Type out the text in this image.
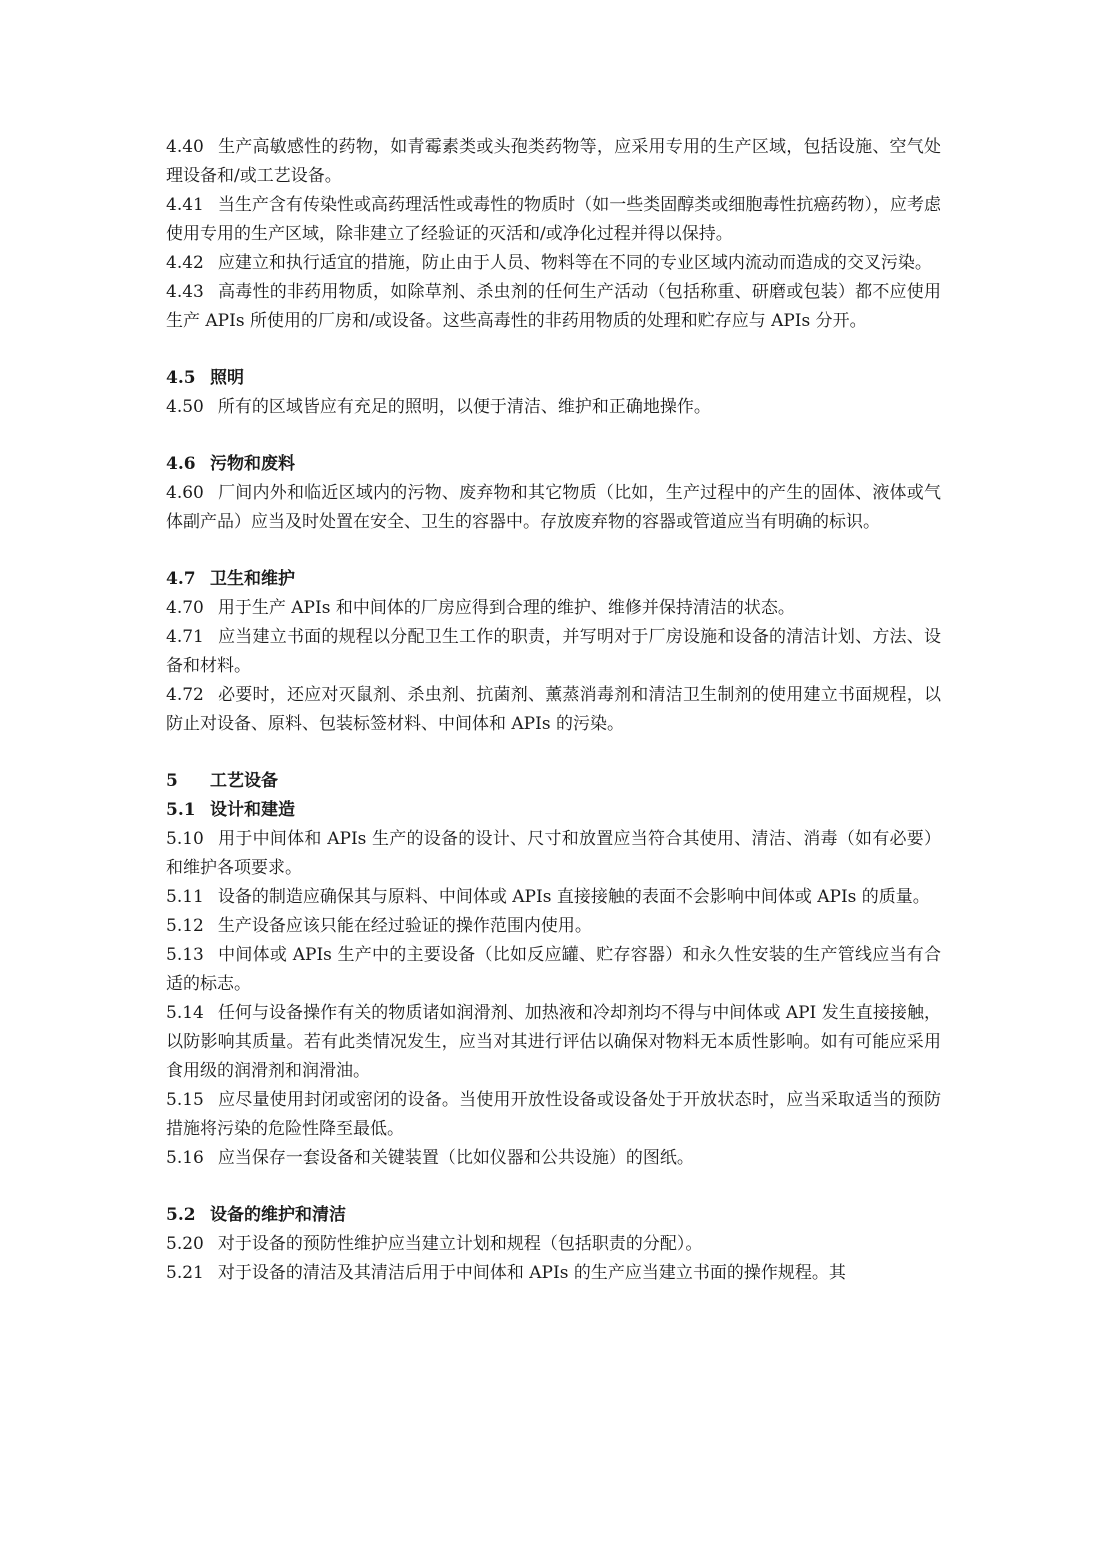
4.40 生产高敏感性的药物，如青霉素类或头孢类药物等，应采用专用的生产区域，包括设施、空气处理设备和/或工艺设备。

4.41 当生产含有传染性或高药理活性或毒性的物质时（如一些类固醇类或细胞毒性抗癌药物），应考虑使用专用的生产区域，除非建立了经验证的灭活和/或净化过程并得以保持。

4.42 应建立和执行适宜的措施，防止由于人员、物料等在不同的专业区域内流动而造成的交叉污染。

4.43 高毒性的非药用物质，如除草剂、杀虫剂的任何生产活动（包括称重、研磨或包装）都不应使用生产 APIs 所使用的厂房和/或设备。这些高毒性的非药用物质的处理和贮存应与 APIs 分开。

4.5 照明

4.50 所有的区域皆应有充足的照明，以便于清洁、维护和正确地操作。

4.6 污物和废料

4.60 厂间内外和临近区域内的污物、废弃物和其它物质（比如，生产过程中的产生的固体、液体或气体副产品）应当及时处置在安全、卫生的容器中。存放废弃物的容器或管道应当有明确的标识。

4.7 卫生和维护

4.70 用于生产 APIs 和中间体的厂房应得到合理的维护、维修并保持清洁的状态。

4.71 应当建立书面的规程以分配卫生工作的职责，并写明对于厂房设施和设备的清洁计划、方法、设备和材料。

4.72 必要时，还应对灭鼠剂、杀虫剂、抗菌剂、薰蒸消毒剂和清洁卫生制剂的使用建立书面规程，以防止对设备、原料、包装标签材料、中间体和 APIs 的污染。

5 工艺设备

5.1 设计和建造

5.10 用于中间体和 APIs 生产的设备的设计、尺寸和放置应当符合其使用、清洁、消毒（如有必要）和维护各项要求。

5.11 设备的制造应确保其与原料、中间体或 APIs 直接接触的表面不会影响中间体或 APIs 的质量。

5.12 生产设备应该只能在经过验证的操作范围内使用。

5.13 中间体或 APIs 生产中的主要设备（比如反应罐、贮存容器）和永久性安装的生产管线应当有合适的标志。

5.14 任何与设备操作有关的物质诸如润滑剂、加热液和冷却剂均不得与中间体或 API 发生直接接触，以防影响其质量。若有此类情况发生，应当对其进行评估以确保对物料无本质性影响。如有可能应采用食用级的润滑剂和润滑油。

5.15 应尽量使用封闭或密闭的设备。当使用开放性设备或设备处于开放状态时，应当采取适当的预防措施将污染的危险性降至最低。

5.16 应当保存一套设备和关键装置（比如仪器和公共设施）的图纸。

5.2 设备的维护和清洁

5.20 对于设备的预防性维护应当建立计划和规程（包括职责的分配）。

5.21 对于设备的清洁及其清洁后用于中间体和 APIs 的生产应当建立书面的操作规程。其
